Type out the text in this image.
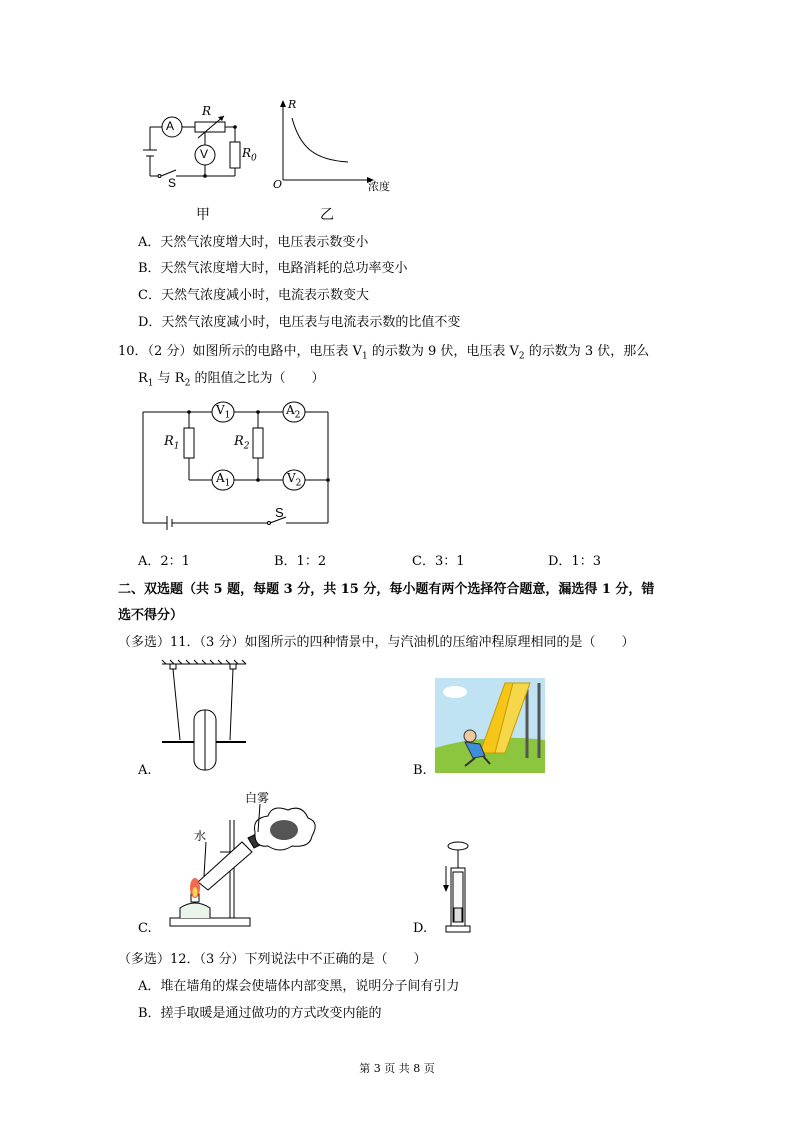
A
V
R
$R_0$
S
甲
R
O	浓度
乙
A．天然气浓度增大时，电压表示数变小
B．天然气浓度增大时，电路消耗的总功率变小
C．天然气浓度减小时，电流表示数变大
D．天然气浓度减小时，电压表与电流表示数的比值不变
10．（2 分）如图所示的电路中，电压表 $V_1$ 的示数为 9 伏，电压表 $V_2$ 的示数为 3 伏，那么
$R_1$ 与 $R_2$ 的阻值之比为（　　）
$V_1$	$A_2$
$A_1$	$V_2$
$R_1$	$R_2$
S
A．2：1	B．1：2	C．3：1	D．1：3
二、双选题（共 5 题，每题 3 分，共 15 分，每小题有两个选择符合题意，漏选得 1 分，错
选不得分）
（多选）11．（3 分）如图所示的四种情景中，与汽油机的压缩冲程原理相同的是（　　）
A.	B.
水
白雾
C.	D.
（多选）12．（3 分）下列说法中不正确的是（　　）
A．堆在墙角的煤会使墙体内部变黑，说明分子间有引力
B．搓手取暖是通过做功的方式改变内能的
第 3 页 共 8 页
